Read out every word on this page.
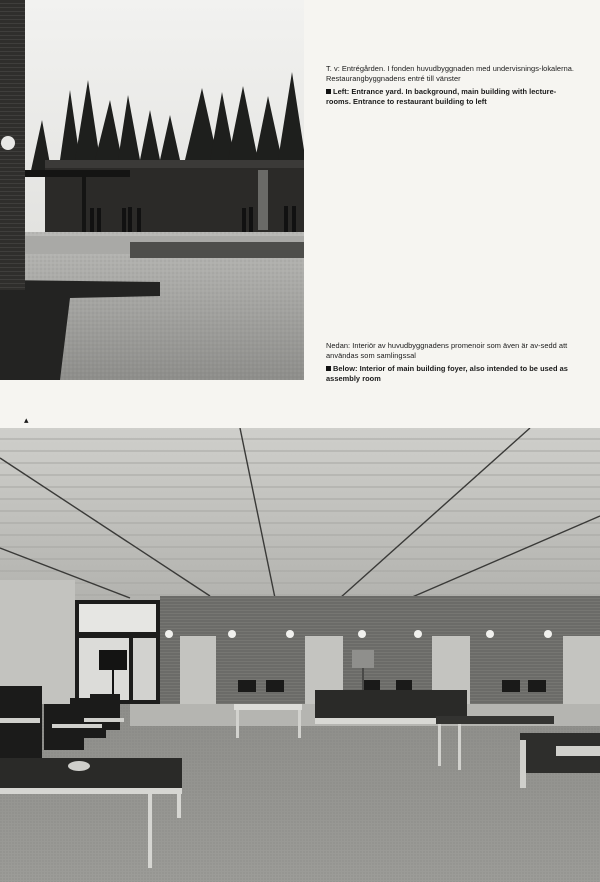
T. v: Entrégården. I fonden huvudbyggnaden med undervisnings-lokalerna. Restaurangbyggnadens entré till vänster

Left: Entrance yard. In background, main building with lecture-rooms. Entrance to restaurant building to left

Nedan: Interiör av huvudbyggnadens promenoir som även är av-sedd att användas som samlingssal

Below: Interior of main building foyer, also intended to be used as assembly room

▴
